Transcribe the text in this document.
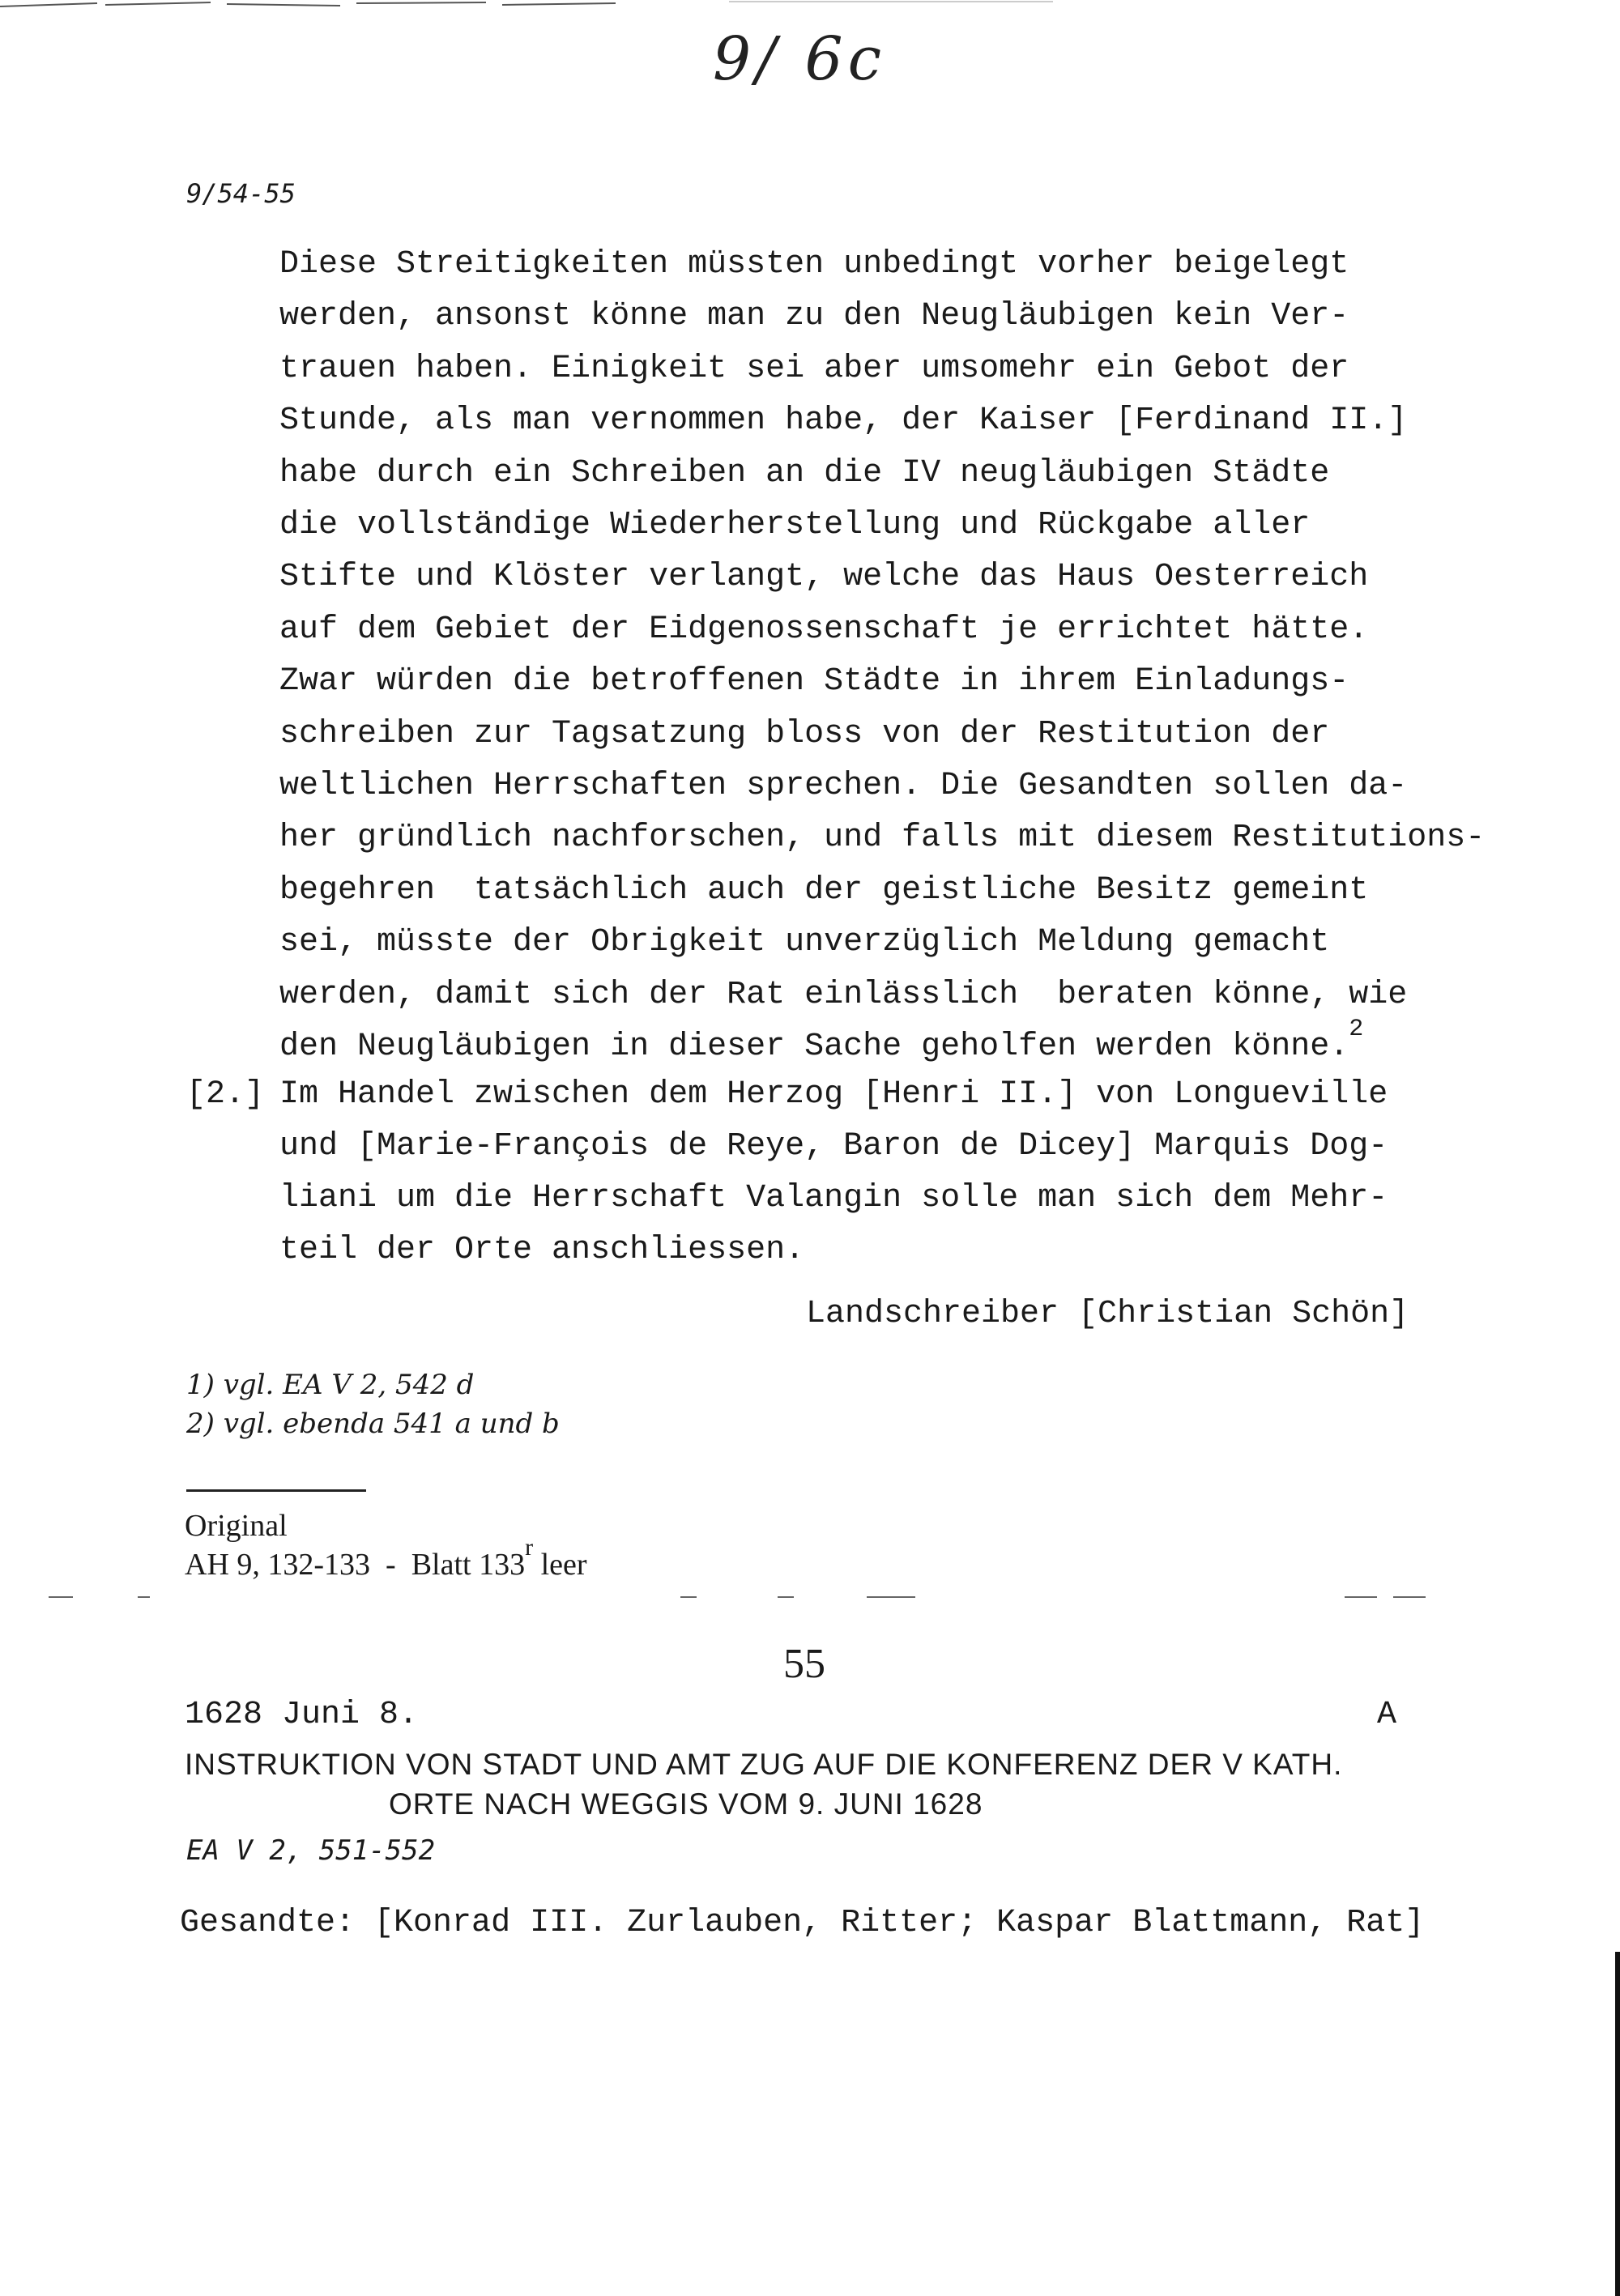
9/ 6c
9/54-55
Diese Streitigkeiten müssten unbedingt vorher beigelegt
werden, ansonst könne man zu den Neugläubigen kein Ver-
trauen haben. Einigkeit sei aber umsomehr ein Gebot der
Stunde, als man vernommen habe, der Kaiser [Ferdinand II.]
habe durch ein Schreiben an die IV neugläubigen Städte
die vollständige Wiederherstellung und Rückgabe aller
Stifte und Klöster verlangt, welche das Haus Oesterreich
auf dem Gebiet der Eidgenossenschaft je errichtet hätte.
Zwar würden die betroffenen Städte in ihrem Einladungs-
schreiben zur Tagsatzung bloss von der Restitution der
weltlichen Herrschaften sprechen. Die Gesandten sollen da-
her gründlich nachforschen, und falls mit diesem Restitutions-
begehren  tatsächlich auch der geistliche Besitz gemeint
sei, müsste der Obrigkeit unverzüglich Meldung gemacht
werden, damit sich der Rat einlässlich  beraten könne, wie
den Neugläubigen in dieser Sache geholfen werden könne.$^2$
[2.] Im Handel zwischen dem Herzog [Henri II.] von Longueville
und [Marie-François de Reye, Baron de Dicey] Marquis Dog-
liani um die Herrschaft Valangin solle man sich dem Mehr-
teil der Orte anschliessen.
Landschreiber [Christian Schön]
1) vgl. EA V 2, 542 d
2) vgl. ebenda 541 a und b
Original
AH 9, 132-133  -  Blatt 133$^r$ leer
55
1628 Juni 8.	A
INSTRUKTION VON STADT UND AMT ZUG AUF DIE KONFERENZ DER V KATH.
ORTE NACH WEGGIS VOM 9. JUNI 1628
EA V 2, 551-552
Gesandte: [Konrad III. Zurlauben, Ritter; Kaspar Blattmann, Rat]
